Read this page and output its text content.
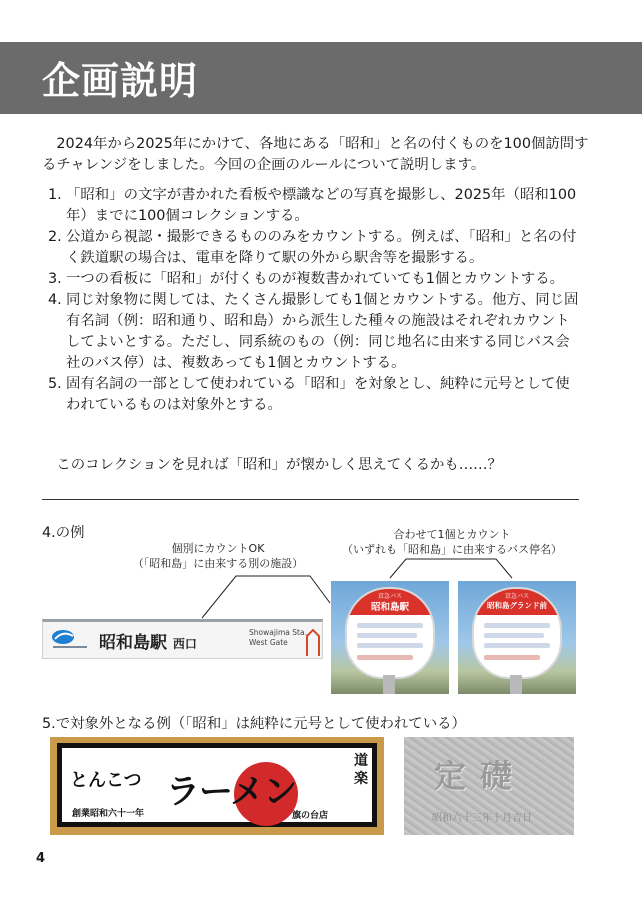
企画説明

2024年から2025年にかけて、各地にある「昭和」と名の付くものを100個訪問するチャレンジをしました。今回の企画のルールについて説明します。

1. 「昭和」の文字が書かれた看板や標識などの写真を撮影し、2025年（昭和100年）までに100個コレクションする。
2. 公道から視認・撮影できるもののみをカウントする。例えば、「昭和」と名の付く鉄道駅の場合は、電車を降りて駅の外から駅舎等を撮影する。
3. 一つの看板に「昭和」が付くものが複数書かれていても1個とカウントする。
4. 同じ対象物に関しては、たくさん撮影しても1個とカウントする。他方、同じ固有名詞（例：昭和通り、昭和島）から派生した種々の施設はそれぞれカウントしてよいとする。ただし、同系統のもの（例：同じ地名に由来する同じバス会社のバス停）は、複数あっても1個とカウントする。
5. 固有名詞の一部として使われている「昭和」を対象とし、純粋に元号として使われているものは対象外とする。

このコレクションを見れば「昭和」が懐かしく思えてくるかも……？

4.の例

個別にカウントOK
（「昭和島」に由来する別の施設）
合わせて1個とカウント
（いずれも「昭和島」に由来するバス停名）
昭和島駅 西口
Showajima Sta.
West Gate
京急バス
昭和島駅
京急バス
昭和島グランド前

5.で対象外となる例（「昭和」は純粋に元号として使われている）

とんこつ ラーメン
道楽
創業昭和六十一年	旗の台店
定礎
昭和六十三年十月吉日

4
